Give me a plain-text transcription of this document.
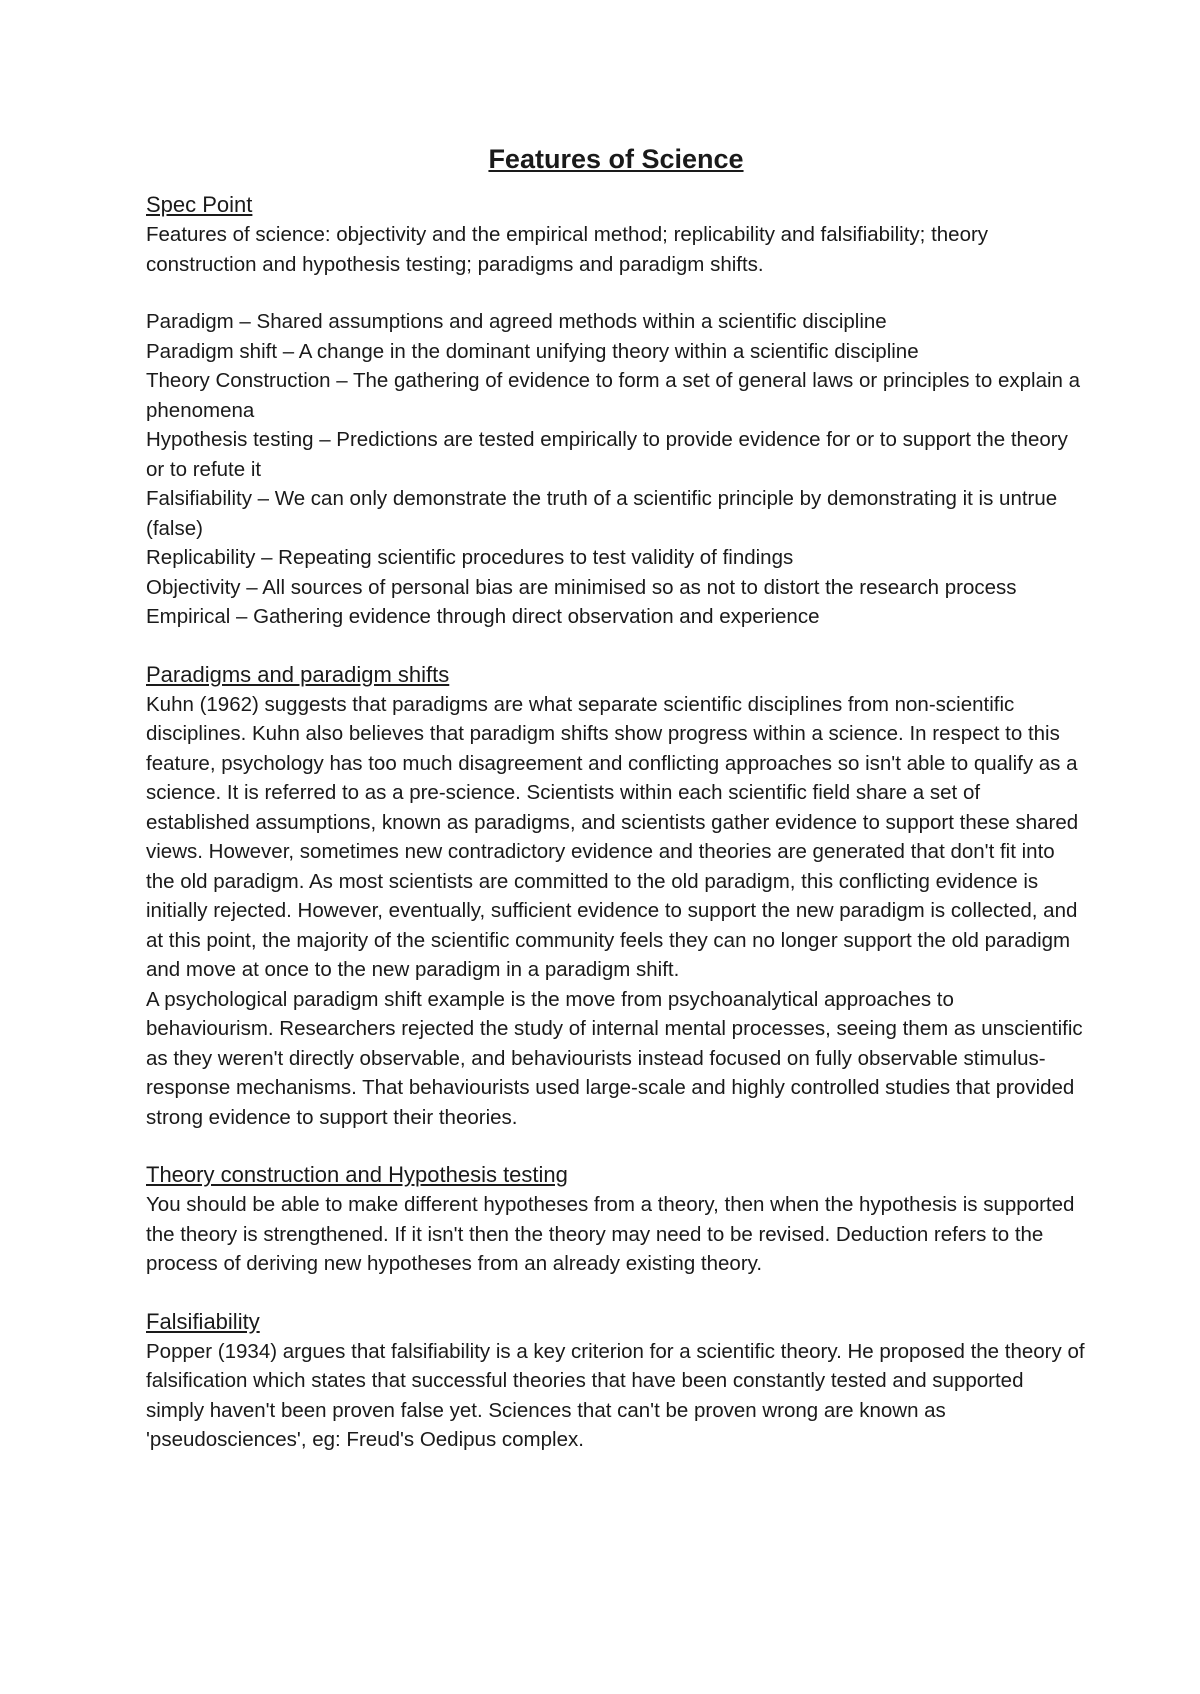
Features of Science
Spec Point

Features of science: objectivity and the empirical method; replicability and falsifiability; theory construction and hypothesis testing; paradigms and paradigm shifts.

Paradigm – Shared assumptions and agreed methods within a scientific discipline

Paradigm shift – A change in the dominant unifying theory within a scientific discipline

Theory Construction – The gathering of evidence to form a set of general laws or principles to explain a phenomena

Hypothesis testing – Predictions are tested empirically to provide evidence for or to support the theory or to refute it

Falsifiability – We can only demonstrate the truth of a scientific principle by demonstrating it is untrue (false)

Replicability – Repeating scientific procedures to test validity of findings

Objectivity – All sources of personal bias are minimised so as not to distort the research process

Empirical – Gathering evidence through direct observation and experience

Paradigms and paradigm shifts

Kuhn (1962) suggests that paradigms are what separate scientific disciplines from non-scientific disciplines. Kuhn also believes that paradigm shifts show progress within a science. In respect to this feature, psychology has too much disagreement and conflicting approaches so isn't able to qualify as a science. It is referred to as a pre-science. Scientists within each scientific field share a set of established assumptions, known as paradigms, and scientists gather evidence to support these shared views. However, sometimes new contradictory evidence and theories are generated that don't fit into the old paradigm. As most scientists are committed to the old paradigm, this conflicting evidence is initially rejected. However, eventually, sufficient evidence to support the new paradigm is collected, and at this point, the majority of the scientific community feels they can no longer support the old paradigm and move at once to the new paradigm in a paradigm shift.

A psychological paradigm shift example is the move from psychoanalytical approaches to behaviourism. Researchers rejected the study of internal mental processes, seeing them as unscientific as they weren't directly observable, and behaviourists instead focused on fully observable stimulus-response mechanisms. That behaviourists used large-scale and highly controlled studies that provided strong evidence to support their theories.

Theory construction and Hypothesis testing

You should be able to make different hypotheses from a theory, then when the hypothesis is supported the theory is strengthened. If it isn't then the theory may need to be revised. Deduction refers to the process of deriving new hypotheses from an already existing theory.

Falsifiability

Popper (1934) argues that falsifiability is a key criterion for a scientific theory. He proposed the theory of falsification which states that successful theories that have been constantly tested and supported simply haven't been proven false yet. Sciences that can't be proven wrong are known as 'pseudosciences', eg: Freud's Oedipus complex.
